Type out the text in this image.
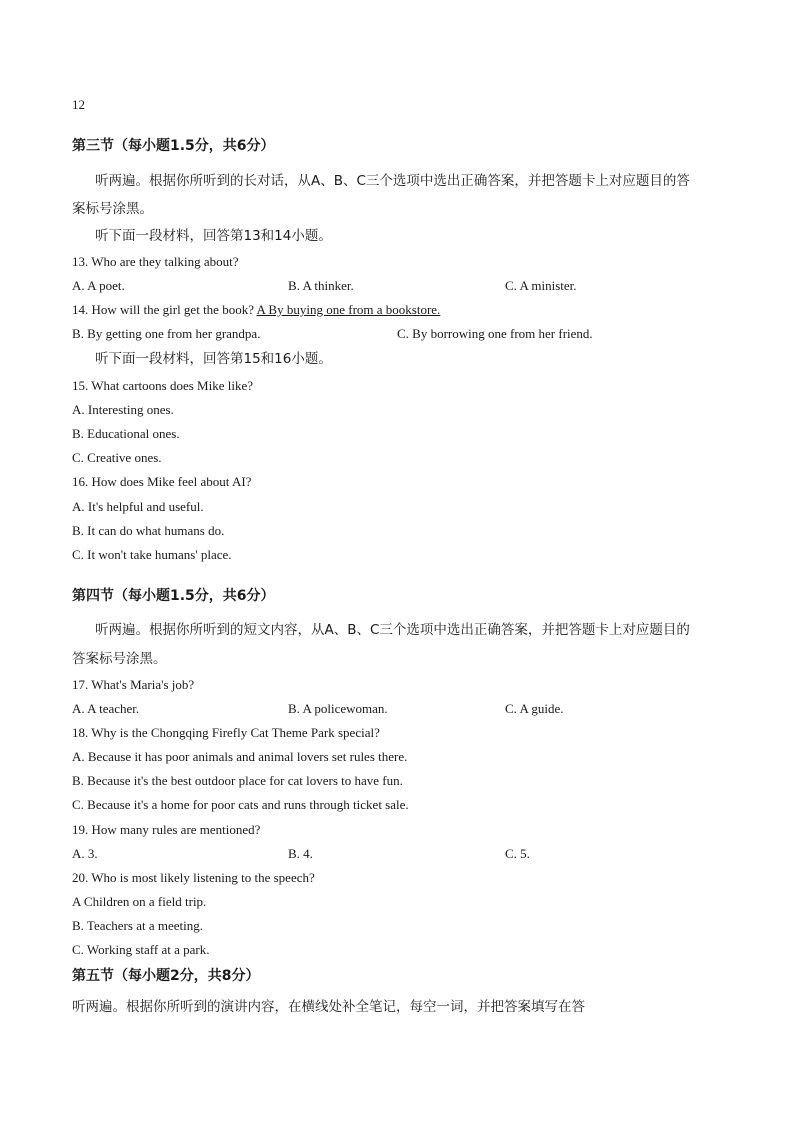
12
第三节（每小题1.5分，共6分）
听两遍。根据你所听到的长对话，从A、B、C三个选项中选出正确答案，并把答题卡上对应题目的答
案标号涂黑。
听下面一段材料，回答第13和14小题。
13. Who are they talking about?
A. A poet.	B. A thinker.	C. A minister.
14. How will the girl get the book? A By buying one from a bookstore.
B. By getting one from her grandpa.	C. By borrowing one from her friend.
听下面一段材料，回答第15和16小题。
15. What cartoons does Mike like?
A. Interesting ones.
B. Educational ones.
C. Creative ones.
16. How does Mike feel about AI?
A. It's helpful and useful.
B. It can do what humans do.
C. It won't take humans' place.
第四节（每小题1.5分，共6分）
听两遍。根据你所听到的短文内容，从A、B、C三个选项中选出正确答案，并把答题卡上对应题目的
答案标号涂黑。
17. What's Maria's job?
A. A teacher.	B. A policewoman.	C. A guide.
18. Why is the Chongqing Firefly Cat Theme Park special?
A. Because it has poor animals and animal lovers set rules there.
B. Because it's the best outdoor place for cat lovers to have fun.
C. Because it's a home for poor cats and runs through ticket sale.
19. How many rules are mentioned?
A. 3.	B. 4.	C. 5.
20. Who is most likely listening to the speech?
A Children on a field trip.
B. Teachers at a meeting.
C. Working staff at a park.
第五节（每小题2分，共8分）
听两遍。根据你所听到的演讲内容，在横线处补全笔记，每空一词，并把答案填写在答
